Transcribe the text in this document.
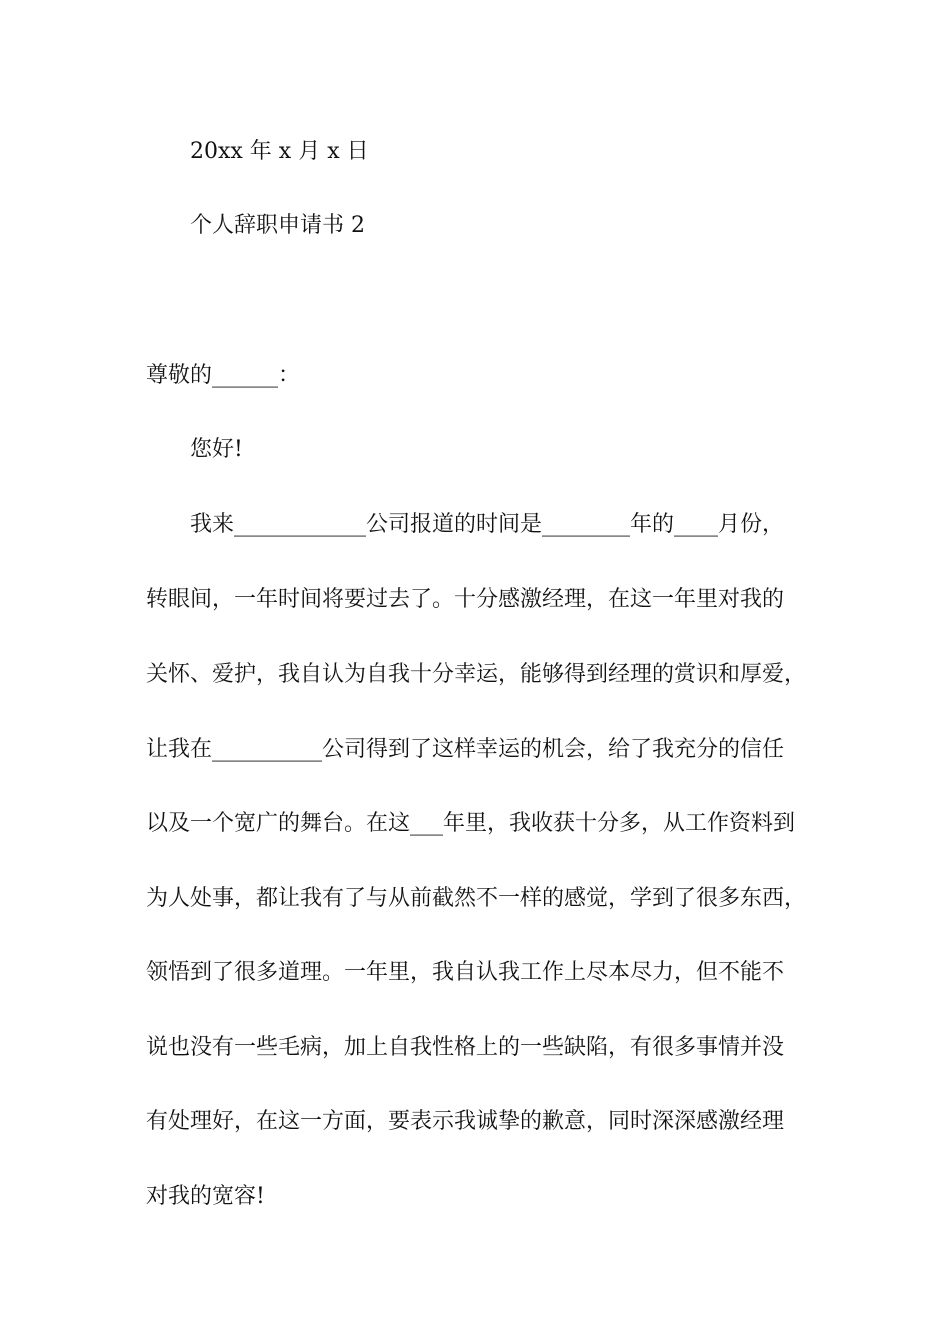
20xx 年 x 月 x 日
个人辞职申请书 2
尊敬的______：
您好!
我来____________公司报道的时间是________年的____月份，
转眼间，一年时间将要过去了。十分感激经理，在这一年里对我的
关怀、爱护，我自认为自我十分幸运，能够得到经理的赏识和厚爱，
让我在__________公司得到了这样幸运的机会，给了我充分的信任
以及一个宽广的舞台。在这___年里，我收获十分多，从工作资料到
为人处事，都让我有了与从前截然不一样的感觉，学到了很多东西，
领悟到了很多道理。一年里，我自认我工作上尽本尽力，但不能不
说也没有一些毛病，加上自我性格上的一些缺陷，有很多事情并没
有处理好，在这一方面，要表示我诚挚的歉意，同时深深感激经理
对我的宽容!
